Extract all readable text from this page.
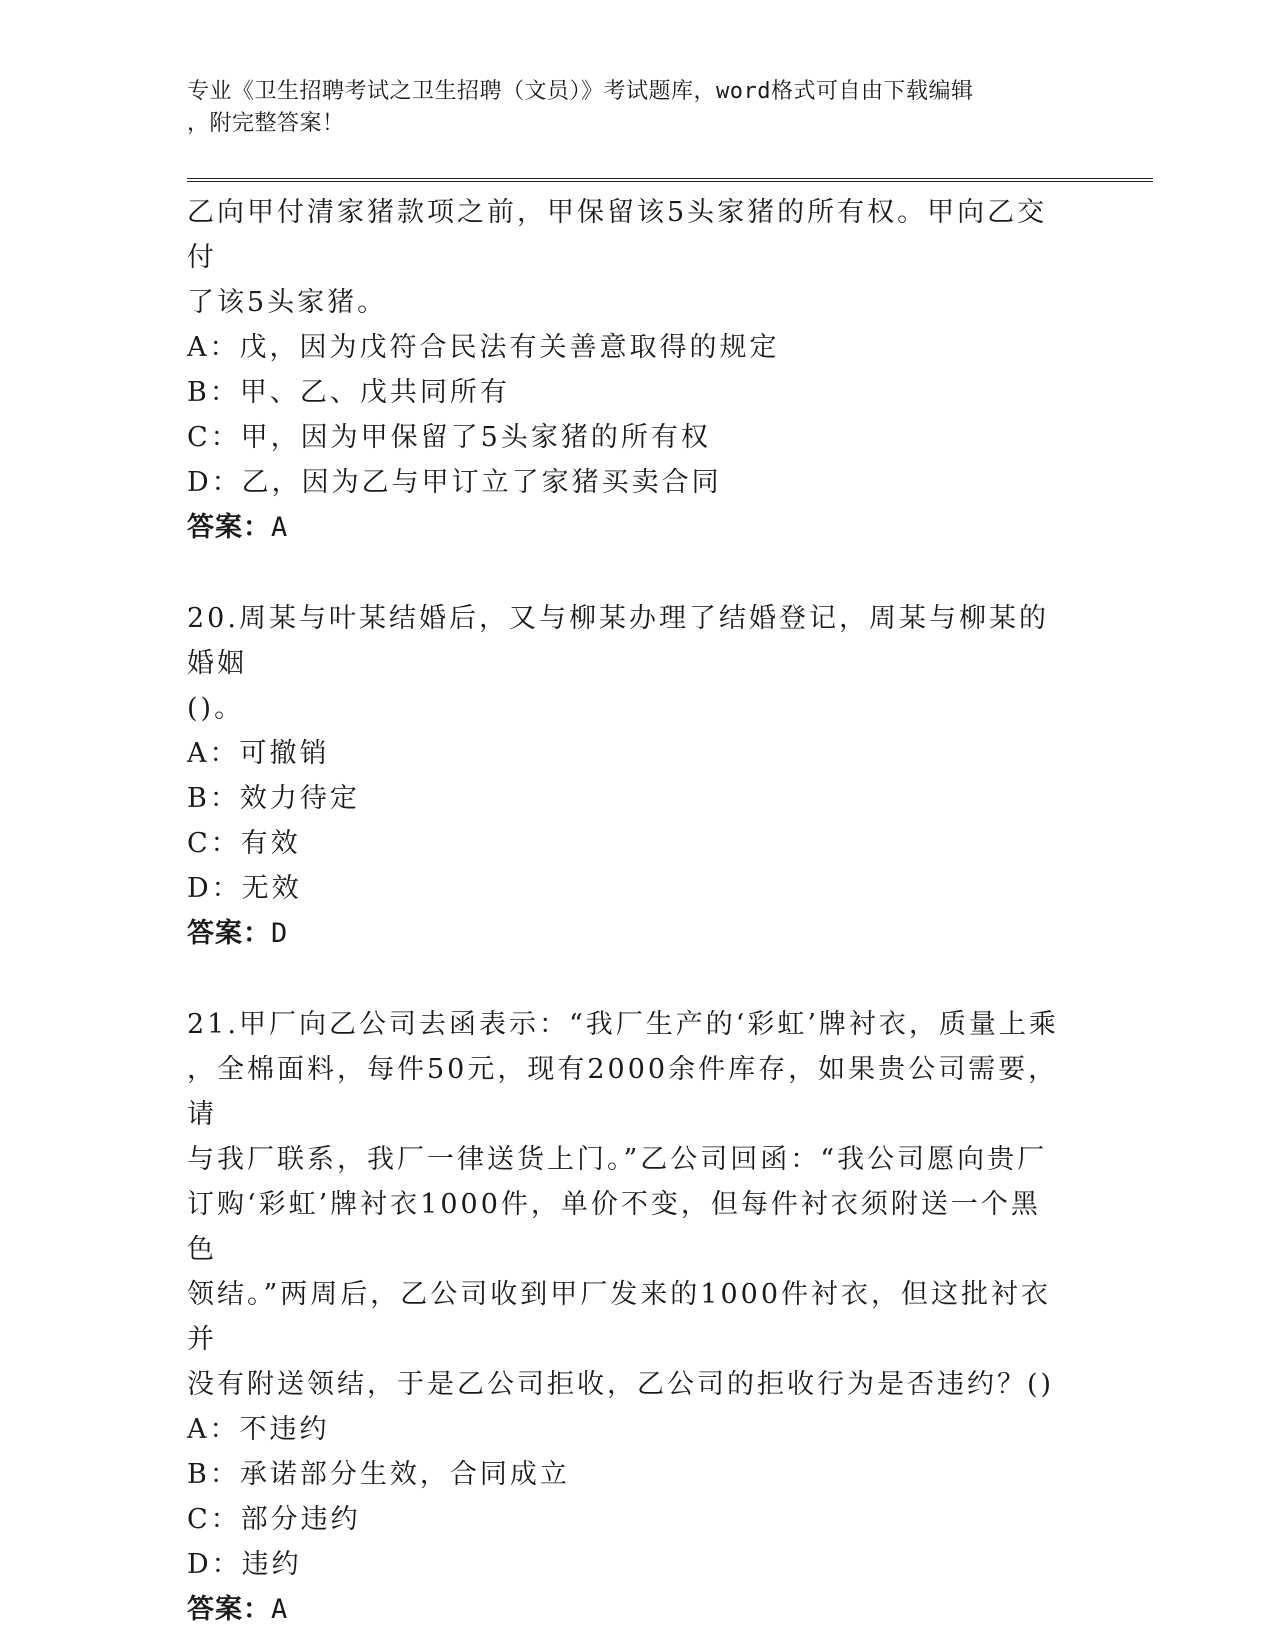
专业《卫生招聘考试之卫生招聘（文员）》考试题库，word格式可自由下载编辑
，附完整答案！

乙向甲付清家猪款项之前，甲保留该5头家猪的所有权。甲向乙交付

了该5头家猪。

A：戊，因为戊符合民法有关善意取得的规定

B：甲、乙、戊共同所有

C：甲，因为甲保留了5头家猪的所有权

D：乙，因为乙与甲订立了家猪买卖合同

答案：A

20.周某与叶某结婚后，又与柳某办理了结婚登记，周某与柳某的婚姻

()。

A：可撤销

B：效力待定

C：有效

D：无效

答案：D

21.甲厂向乙公司去函表示：“我厂生产的‘彩虹’牌衬衣，质量上乘

，全棉面料，每件50元，现有2000余件库存，如果贵公司需要，请

与我厂联系，我厂一律送货上门。”乙公司回函：“我公司愿向贵厂

订购‘彩虹’牌衬衣1000件，单价不变，但每件衬衣须附送一个黑色

领结。”两周后，乙公司收到甲厂发来的1000件衬衣，但这批衬衣并

没有附送领结，于是乙公司拒收，乙公司的拒收行为是否违约？()

A：不违约

B：承诺部分生效，合同成立

C：部分违约

D：违约

答案：A
